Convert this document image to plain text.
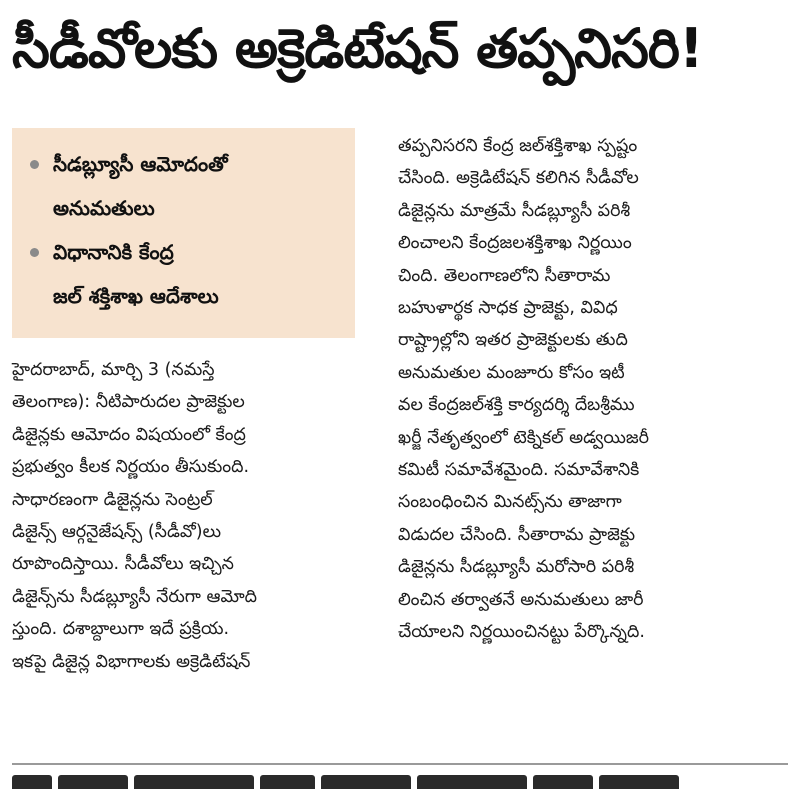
సీడీవోలకు అక్రెడిటేషన్ తప్పనిసరి!
సీడబ్ల్యూసీ ఆమోదంతో
అనుమతులు
విధానానికి కేంద్ర
జల్ శక్తిశాఖ ఆదేశాలు
హైదరాబాద్, మార్చి 3 (నమస్తే
తెలంగాణ): నీటిపారుదల ప్రాజెక్టుల
డిజైన్లకు ఆమోదం విషయంలో కేంద్ర
ప్రభుత్వం కీలక నిర్ణయం తీసుకుంది.
సాధారణంగా డిజైన్లను సెంట్రల్
డిజైన్స్ ఆర్గనైజేషన్స్ (సీడీవో)లు
రూపొందిస్తాయి. సీడీవోలు ఇచ్చిన
డిజైన్స్‌ను సీడబ్ల్యూసీ నేరుగా ఆమోది
స్తుంది. దశాబ్దాలుగా ఇదే ప్రక్రియ.
ఇకపై డిజైన్ల విభాగాలకు అక్రెడిటేషన్
తప్పనిసరని కేంద్ర జల్‌శక్తిశాఖ స్పష్టం
చేసింది. అక్రెడిటేషన్ కలిగిన సీడీవోల
డిజైన్లను మాత్రమే సీడబ్ల్యూసీ పరిశీ
లించాలని కేంద్రజలశక్తిశాఖ నిర్ణయిం
చింది. తెలంగాణలోని సీతారామ
బహుళార్థక సాధక ప్రాజెక్టు, వివిధ
రాష్ట్రాల్లోని ఇతర ప్రాజెక్టులకు తుది
అనుమతుల మంజూరు కోసం ఇటీ
వల కేంద్రజల్‌శక్తి కార్యదర్శి దేబశ్రీము
ఖర్జీ నేతృత్వంలో టెక్నికల్ అడ్వయిజరీ
కమిటీ సమావేశమైంది. సమావేశానికి
సంబంధించిన మినట్స్‌ను తాజాగా
విడుదల చేసింది. సీతారామ ప్రాజెక్టు
డిజైన్లను సీడబ్ల్యూసీ మరోసారి పరిశీ
లించిన తర్వాతనే అనుమతులు జారీ
చేయాలని నిర్ణయించినట్టు పేర్కొన్నది.
